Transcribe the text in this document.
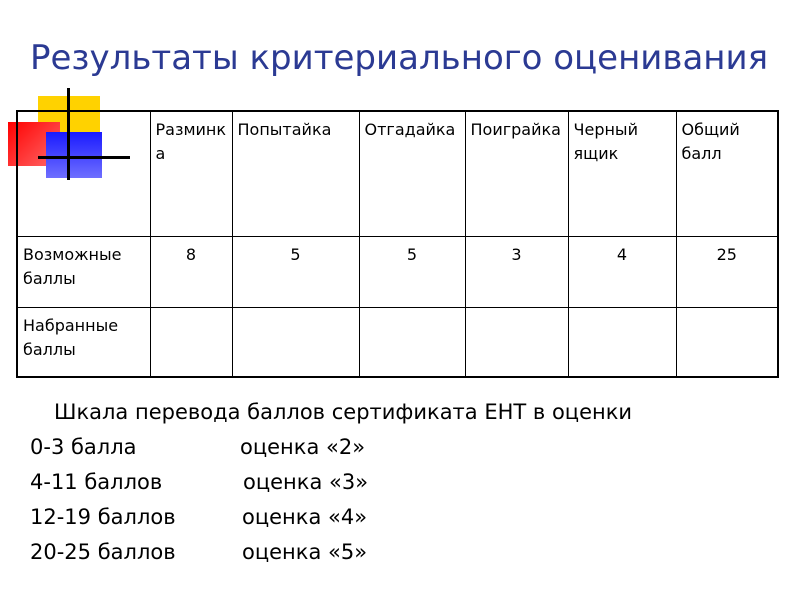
Результаты критериального оценивания
	Разминка	Попытайка	Отгадайка	Поиграйка	Черный ящик	Общий балл
Возможные баллы	8	5	5	3	4	25
Набранные баллы						
Шкала перевода баллов сертификата ЕНТ в оценки
0-3 балла	оценка «2»
4-11 баллов	оценка «3»
12-19 баллов	оценка «4»
20-25 баллов	оценка «5»
